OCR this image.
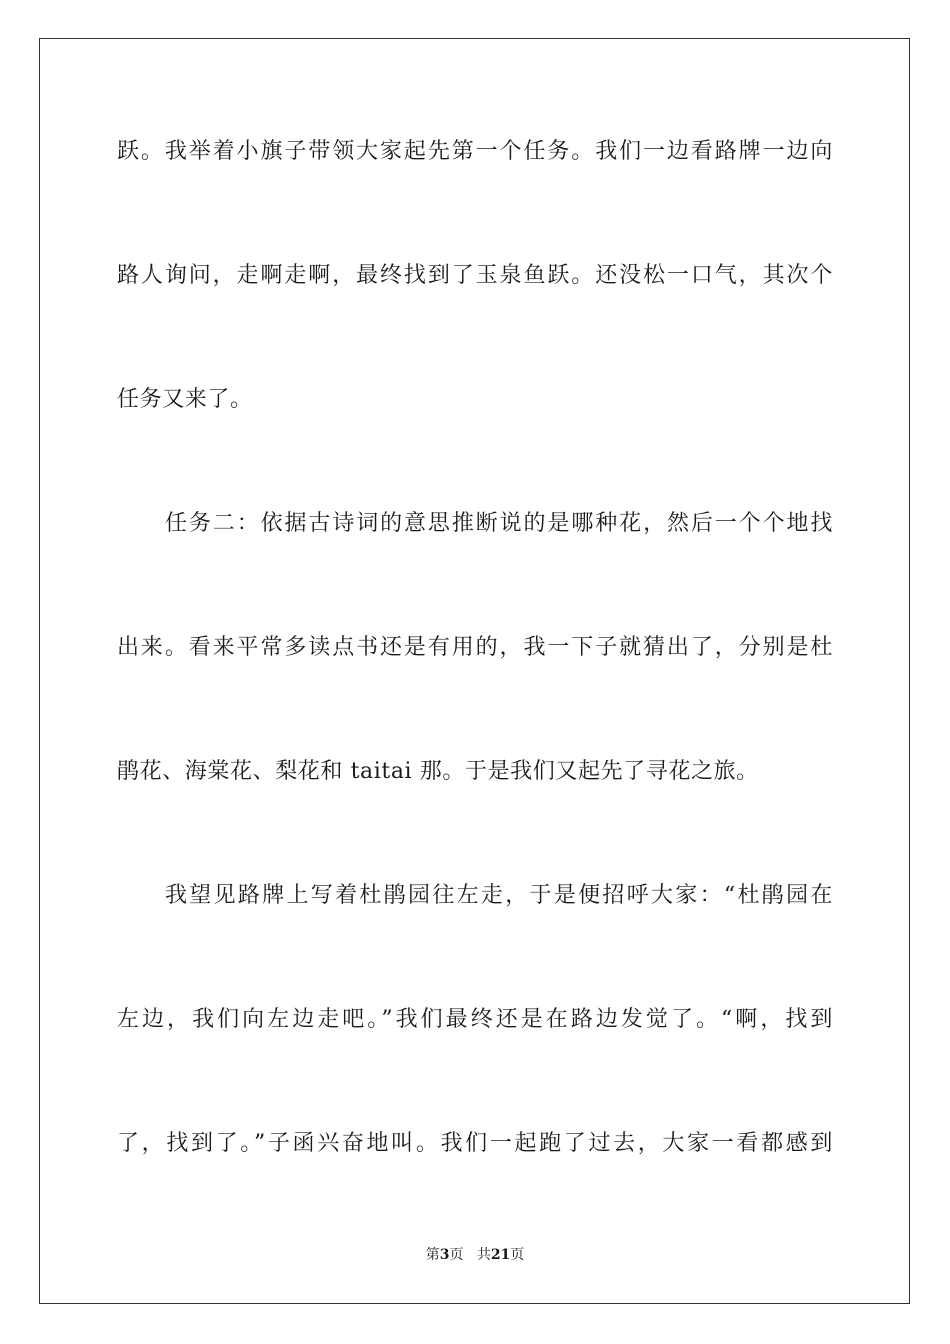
跃。我举着小旗子带领大家起先第一个任务。我们一边看路牌一边向
路人询问，走啊走啊，最终找到了玉泉鱼跃。还没松一口气，其次个
任务又来了。
任务二：依据古诗词的意思推断说的是哪种花，然后一个个地找
出来。看来平常多读点书还是有用的，我一下子就猜出了，分别是杜
鹃花、海棠花、梨花和 taitai 那。于是我们又起先了寻花之旅。
我望见路牌上写着杜鹃园往左走，于是便招呼大家：“杜鹃园在
左边，我们向左边走吧。”我们最终还是在路边发觉了。“啊，找到
了，找到了。”子函兴奋地叫。我们一起跑了过去，大家一看都感到
第3页 共21页
